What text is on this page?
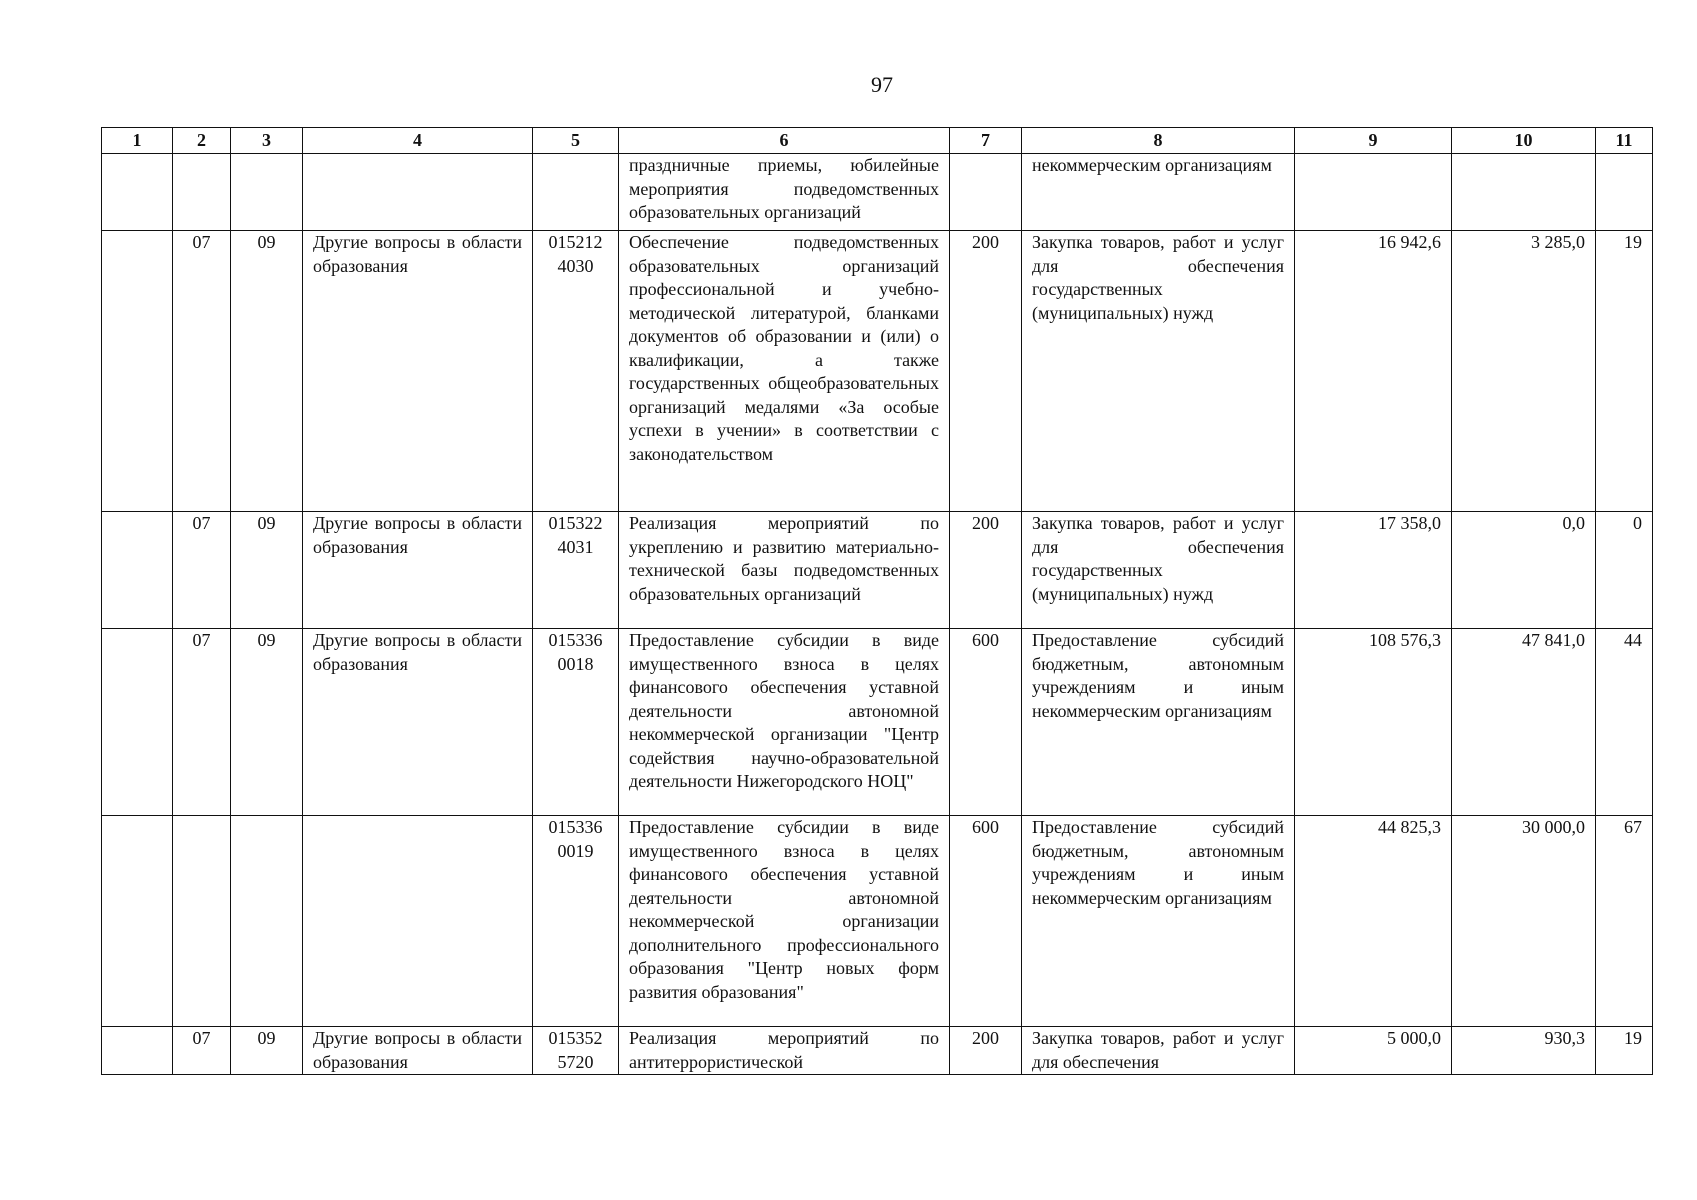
97
1	2	3	4	5	6	7	8	9	10	11
					праздничные приемы, юбилейные мероприятия подведомственных образовательных организаций		некоммерческим организациям			
	07	09	Другие вопросы в области образования	015212 4030	Обеспечение подведомственных образовательных организаций профессиональной и учебно-методической литературой, бланками документов об образовании и (или) о квалификации, а также государственных общеобразовательных организаций медалями «За особые успехи в учении» в соответствии с законодательством	200	Закупка товаров, работ и услуг для обеспечения государственных (муниципальных) нужд	16 942,6	3 285,0	19
	07	09	Другие вопросы в области образования	015322 4031	Реализация мероприятий по укреплению и развитию материально-технической базы подведомственных образовательных организаций	200	Закупка товаров, работ и услуг для обеспечения государственных (муниципальных) нужд	17 358,0	0,0	0
	07	09	Другие вопросы в области образования	015336 0018	Предоставление субсидии в виде имущественного взноса в целях финансового обеспечения уставной деятельности автономной некоммерческой организации "Центр содействия научно-образовательной деятельности Нижегородского НОЦ"	600	Предоставление субсидий бюджетным, автономным учреждениям и иным некоммерческим организациям	108 576,3	47 841,0	44
				015336 0019	Предоставление субсидии в виде имущественного взноса в целях финансового обеспечения уставной деятельности автономной некоммерческой организации дополнительного профессионального образования "Центр новых форм развития образования"	600	Предоставление субсидий бюджетным, автономным учреждениям и иным некоммерческим организациям	44 825,3	30 000,0	67
	07	09	Другие вопросы в области образования	015352 5720	Реализация мероприятий по антитеррористической	200	Закупка товаров, работ и услуг для обеспечения	5 000,0	930,3	19
